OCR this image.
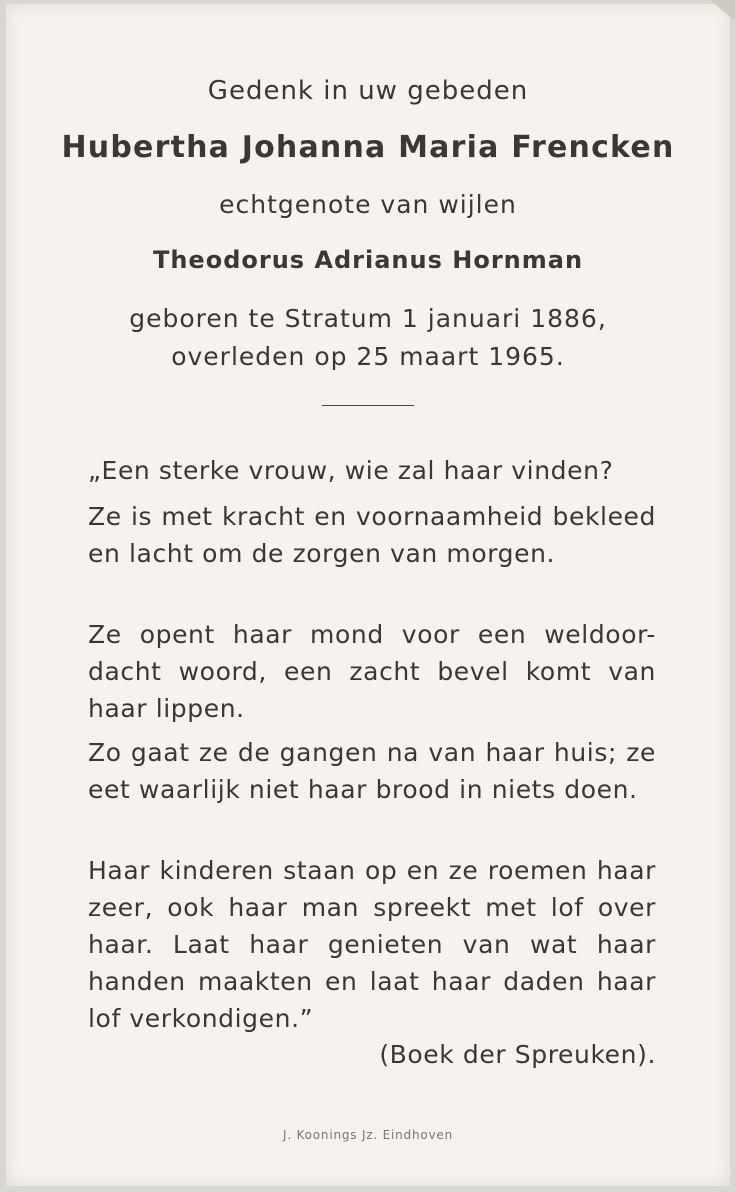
Gedenk in uw gebeden
Hubertha Johanna Maria Frencken
echtgenote van wijlen
Theodorus Adrianus Hornman
geboren te Stratum 1 januari 1886,
overleden op 25 maart 1965.
„Een sterke vrouw, wie zal haar vinden?
Ze is met kracht en voornaamheid bekleed en lacht om de zorgen van morgen.
Ze opent haar mond voor een weldoor-dacht woord, een zacht bevel komt van haar lippen.
Zo gaat ze de gangen na van haar huis; ze eet waarlijk niet haar brood in niets doen.
Haar kinderen staan op en ze roemen haar zeer, ook haar man spreekt met lof over haar. Laat haar genieten van wat haar handen maakten en laat haar daden haar lof verkondigen.”
(Boek der Spreuken).
J. Koonings Jz. Eindhoven
